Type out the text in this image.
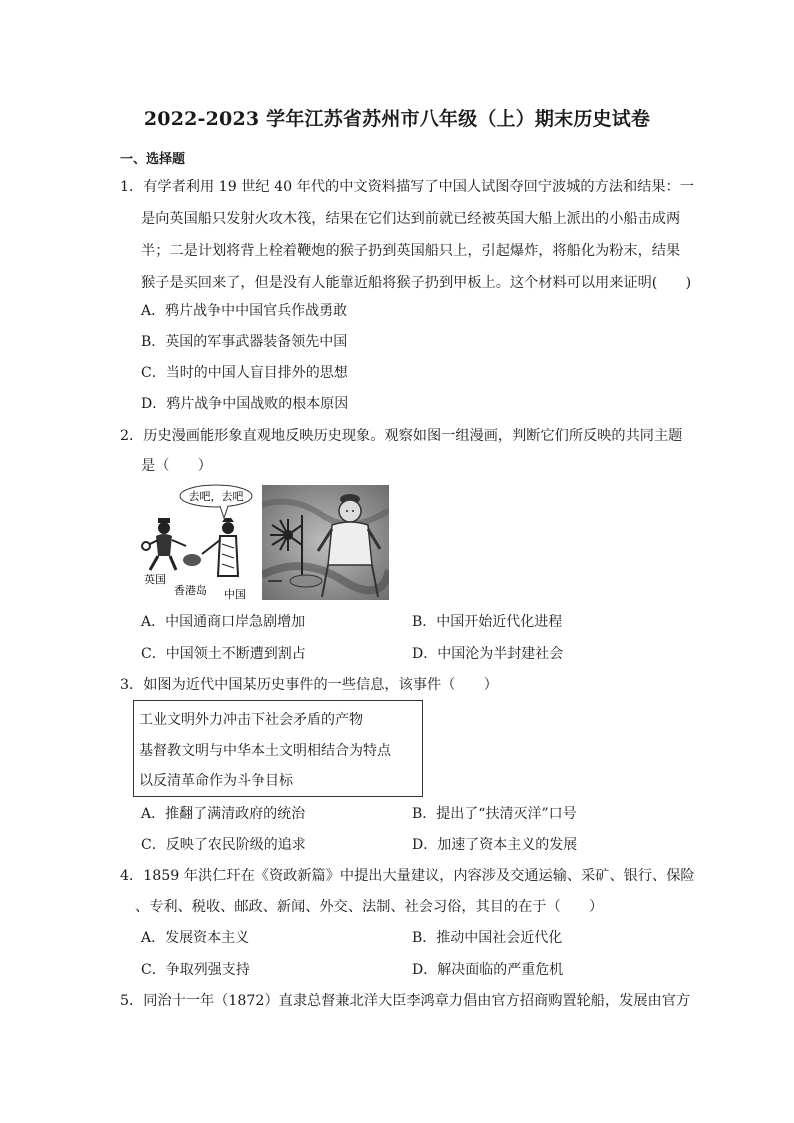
2022-2023 学年江苏省苏州市八年级（上）期末历史试卷
一、选择题
1．有学者利用 19 世纪 40 年代的中文资料描写了中国人试图夺回宁波城的方法和结果：一
是向英国船只发射火攻木筏，结果在它们达到前就已经被英国大船上派出的小船击成两
半；二是计划将背上栓着鞭炮的猴子扔到英国船只上，引起爆炸，将船化为粉末，结果
猴子是买回来了，但是没有人能靠近船将猴子扔到甲板上。这个材料可以用来证明(　　)
A．鸦片战争中中国官兵作战勇敢
B．英国的军事武器装备领先中国
C．当时的中国人盲目排外的思想
D．鸦片战争中国战败的根本原因
2．历史漫画能形象直观地反映历史现象。观察如图一组漫画，判断它们所反映的共同主题
是（　　）
去吧，去吧
英国
香港岛 中国
A．中国通商口岸急剧增加	B．中国开始近代化进程
C．中国领土不断遭到割占	D．中国沦为半封建社会
3．如图为近代中国某历史事件的一些信息，该事件（　　）
工业文明外力冲击下社会矛盾的产物
基督教文明与中华本土文明相结合为特点
以反清革命作为斗争目标
A．推翻了满清政府的统治	B．提出了“扶清灭洋”口号
C．反映了农民阶级的追求	D．加速了资本主义的发展
4．1859 年洪仁玕在《资政新篇》中提出大量建议，内容涉及交通运输、采矿、银行、保险
、专利、税收、邮政、新闻、外交、法制、社会习俗，其目的在于（　　）
A．发展资本主义	B．推动中国社会近代化
C．争取列强支持	D．解决面临的严重危机
5．同治十一年（1872）直隶总督兼北洋大臣李鸿章力倡由官方招商购置轮船，发展由官方
